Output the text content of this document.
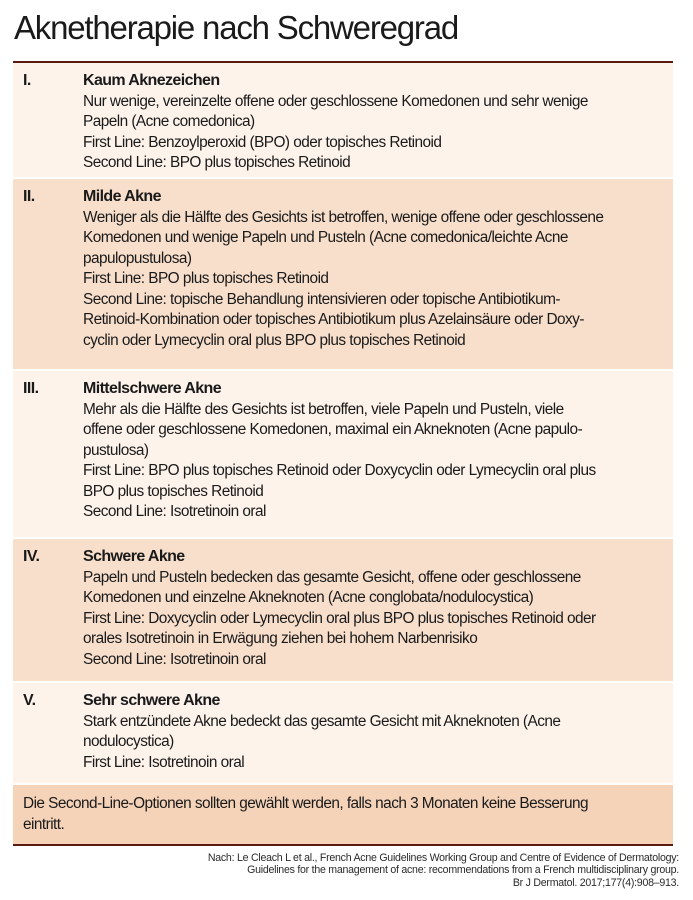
Aknetherapie nach Schweregrad
I.	Kaum Aknezeichen
Nur wenige, vereinzelte offene oder geschlossene Komedonen und sehr wenige
Papeln (Acne comedonica)
First Line: Benzoylperoxid (BPO) oder topisches Retinoid
Second Line: BPO plus topisches Retinoid
II.	Milde Akne
Weniger als die Hälfte des Gesichts ist betroffen, wenige offene oder geschlossene
Komedonen und wenige Papeln und Pusteln (Acne comedonica/leichte Acne
papulopustulosa)
First Line: BPO plus topisches Retinoid
Second Line: topische Behandlung intensivieren oder topische Antibiotikum-
Retinoid-Kombination oder topisches Antibiotikum plus Azelainsäure oder Doxy-
cyclin oder Lymecyclin oral plus BPO plus topisches Retinoid
III.	Mittelschwere Akne
Mehr als die Hälfte des Gesichts ist betroffen, viele Papeln und Pusteln, viele
offene oder geschlossene Komedonen, maximal ein Akneknoten (Acne papulo-
pustulosa)
First Line: BPO plus topisches Retinoid oder Doxycyclin oder Lymecyclin oral plus
BPO plus topisches Retinoid
Second Line: Isotretinoin oral
IV.	Schwere Akne
Papeln und Pusteln bedecken das gesamte Gesicht, offene oder geschlossene
Komedonen und einzelne Akneknoten (Acne conglobata/nodulocystica)
First Line: Doxycyclin oder Lymecyclin oral plus BPO plus topisches Retinoid oder
orales Isotretinoin in Erwägung ziehen bei hohem Narbenrisiko
Second Line: Isotretinoin oral
V.	Sehr schwere Akne
Stark entzündete Akne bedeckt das gesamte Gesicht mit Akneknoten (Acne
nodulocystica)
First Line: Isotretinoin oral
Die Second-Line-Optionen sollten gewählt werden, falls nach 3 Monaten keine Besserung
eintritt.
Nach: Le Cleach L et al., French Acne Guidelines Working Group and Centre of Evidence of Dermatology:
Guidelines for the management of acne: recommendations from a French multidisciplinary group.
Br J Dermatol. 2017;177(4):908–913.
